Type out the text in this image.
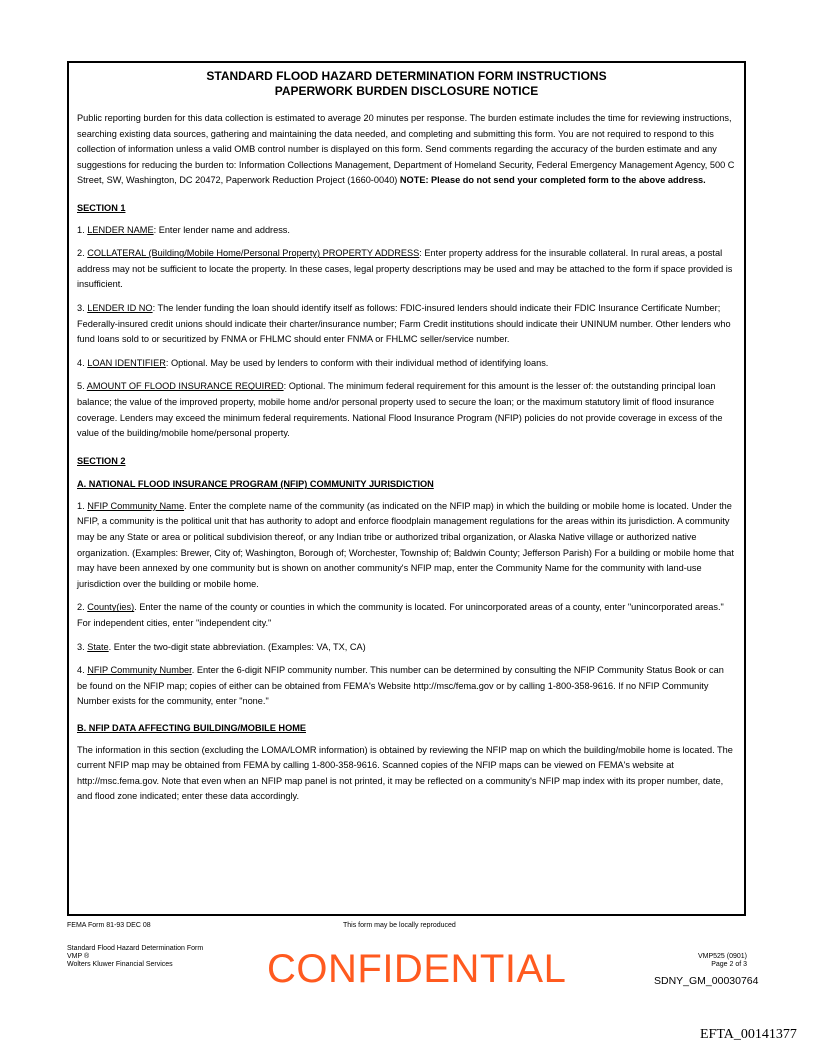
STANDARD FLOOD HAZARD DETERMINATION FORM INSTRUCTIONS
PAPERWORK BURDEN DISCLOSURE NOTICE

Public reporting burden for this data collection is estimated to average 20 minutes per response. The burden estimate includes the time for reviewing instructions, searching existing data sources, gathering and maintaining the data needed, and completing and submitting this form. You are not required to respond to this collection of information unless a valid OMB control number is displayed on this form. Send comments regarding the accuracy of the burden estimate and any suggestions for reducing the burden to: Information Collections Management, Department of Homeland Security, Federal Emergency Management Agency, 500 C Street, SW, Washington, DC 20472, Paperwork Reduction Project (1660-0040) NOTE: Please do not send your completed form to the above address.

SECTION 1

1. LENDER NAME: Enter lender name and address.

2. COLLATERAL (Building/Mobile Home/Personal Property) PROPERTY ADDRESS: Enter property address for the insurable collateral. In rural areas, a postal address may not be sufficient to locate the property. In these cases, legal property descriptions may be used and may be attached to the form if space provided is insufficient.

3. LENDER ID NO: The lender funding the loan should identify itself as follows: FDIC-insured lenders should indicate their FDIC Insurance Certificate Number; Federally-insured credit unions should indicate their charter/insurance number; Farm Credit institutions should indicate their UNINUM number. Other lenders who fund loans sold to or securitized by FNMA or FHLMC should enter FNMA or FHLMC seller/service number.

4. LOAN IDENTIFIER: Optional. May be used by lenders to conform with their individual method of identifying loans.

5. AMOUNT OF FLOOD INSURANCE REQUIRED: Optional. The minimum federal requirement for this amount is the lesser of: the outstanding principal loan balance; the value of the improved property, mobile home and/or personal property used to secure the loan; or the maximum statutory limit of flood insurance coverage. Lenders may exceed the minimum federal requirements. National Flood Insurance Program (NFIP) policies do not provide coverage in excess of the value of the building/mobile home/personal property.

SECTION 2

A. NATIONAL FLOOD INSURANCE PROGRAM (NFIP) COMMUNITY JURISDICTION

1. NFIP Community Name. Enter the complete name of the community (as indicated on the NFIP map) in which the building or mobile home is located. Under the NFIP, a community is the political unit that has authority to adopt and enforce floodplain management regulations for the areas within its jurisdiction. A community may be any State or area or political subdivision thereof, or any Indian tribe or authorized tribal organization, or Alaska Native village or authorized native organization. (Examples: Brewer, City of; Washington, Borough of; Worchester, Township of; Baldwin County; Jefferson Parish) For a building or mobile home that may have been annexed by one community but is shown on another community's NFIP map, enter the Community Name for the community with land-use jurisdiction over the building or mobile home.

2. County(ies). Enter the name of the county or counties in which the community is located. For unincorporated areas of a county, enter "unincorporated areas." For independent cities, enter "independent city."

3. State. Enter the two-digit state abbreviation. (Examples: VA, TX, CA)

4. NFIP Community Number. Enter the 6-digit NFIP community number. This number can be determined by consulting the NFIP Community Status Book or can be found on the NFIP map; copies of either can be obtained from FEMA's Website http://msc/fema.gov or by calling 1-800-358-9616. If no NFIP Community Number exists for the community, enter "none."

B. NFIP DATA AFFECTING BUILDING/MOBILE HOME

The information in this section (excluding the LOMA/LOMR information) is obtained by reviewing the NFIP map on which the building/mobile home is located. The current NFIP map may be obtained from FEMA by calling 1-800-358-9616. Scanned copies of the NFIP maps can be viewed on FEMA's website at http://msc.fema.gov. Note that even when an NFIP map panel is not printed, it may be reflected on a community's NFIP map index with its proper number, date, and flood zone indicated; enter these data accordingly.

FEMA Form 81-93 DEC 08	This form may be locally reproduced
Standard Flood Hazard Determination Form
VMP ®
Wolters Kluwer Financial Services
VMP525 (0901)
Page 2 of 3
CONFIDENTIAL	SDNY_GM_00030764
EFTA_00141377
